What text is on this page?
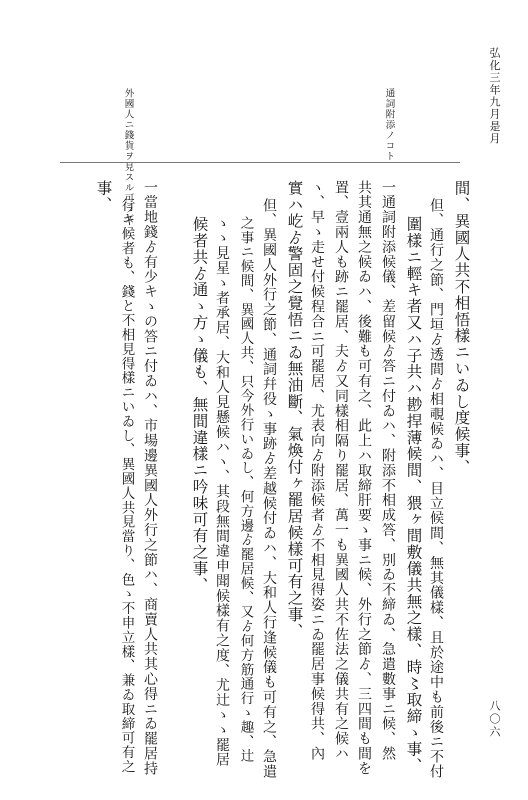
弘化三年九月是月
八〇六
通詞附添ノコト
外國人ニ錢貨ヲ見スル可ラズ
間、異國人共不相悟樣ニいゐし度候事、
但、通行之節、門垣ゟ透間ゟ相覗候ゐハ、目立候間、無其儀樣、且於途中も前後ニ不付
圍樣ニ輕キ者又ハ子共ハ尠捍薄候間、猥ヶ間敷儀共無之樣、時〻取締ゝ事、
一通詞附添候儀、差留候ゟ答ニ付ゐハ、附添不相成答、別ゐ不締ゐ、急遣數事ニ候、然
共其通無之候ゐハ、後難も可有之、此上ハ取締肝要ゝ事ニ候、外行之節ゟ、三四間も間を
置、壹兩人も跡ニ罷居、夫ゟ又同樣相隔り罷居、萬一も異國人共不佐法之儀共有之候ハ
ヽ、早ゝ走せ付候程合ニ可罷居、尤表向ゟ附添候者ゟ不相見得姿ニゐ罷居事候得共、內
實ハ屹ゟ警固之覺悟ニゐ無油斷、氣煥付ヶ罷居候樣可有之事、
但、異國人外行之節、通詞幷役ゝ事跡ゟ差越候付ゐハ、大和人行逢候儀も可有之、急遣
之事ニ候間、異國人共、只今外行いゐし、何方邊ゟ罷居候、又ゟ何方筋通行ゝ趣、辻
ゝゝ見星ゝ者承居、大和人見懸候ハヽ、其段無間違申聞候樣有之度、尤辻ゝゝ罷居
候者共ゟ通ゝ方ゝ儀も、無間違樣ニ吟味可有之事、
一當地錢ゟ有少キゝの答ニ付ゐハ、市場邊異國人外行之節ハ、商賣人共其心得ニゐ罷居持
行キ候者も、錢と不相見得樣ニいゐし、異國人共見當り、色ゝ不申立樣、兼ゐ取締可有之
事、
